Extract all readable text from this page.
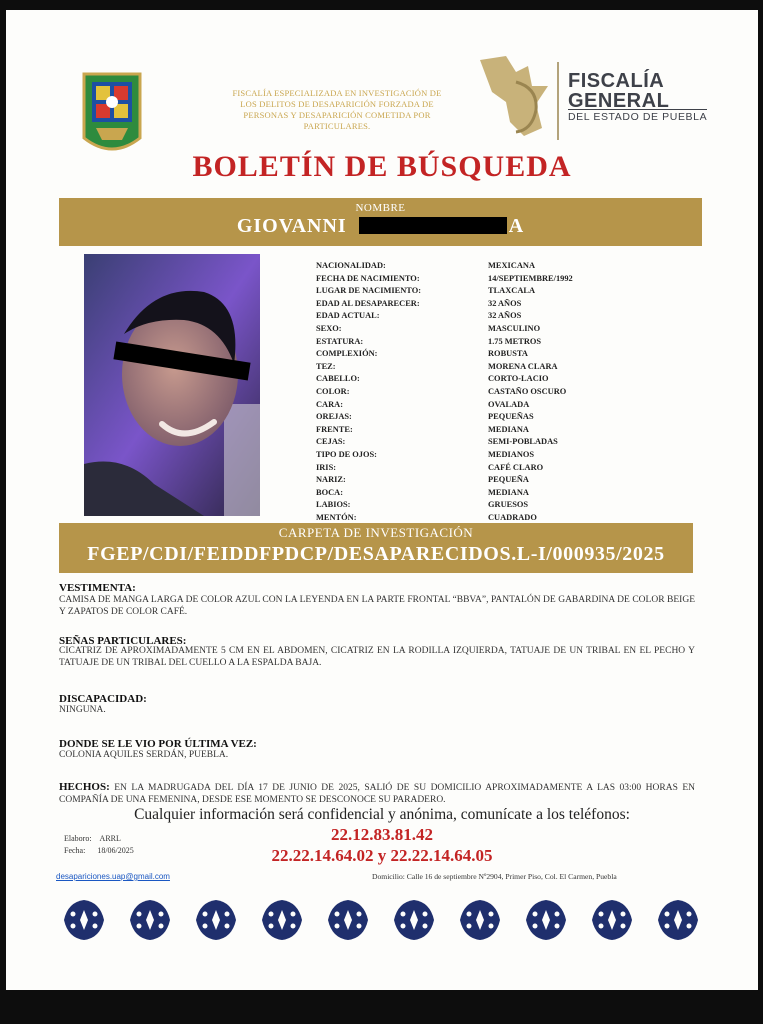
FISCALÍA ESPECIALIZADA EN INVESTIGACIÓN DE
LOS DELITOS DE DESAPARICIÓN FORZADA DE
PERSONAS Y DESAPARICIÓN COMETIDA POR
PARTICULARES.
FISCALÍA
GENERAL
DEL ESTADO DE PUEBLA
BOLETÍN DE BÚSQUEDA
NOMBRE
GIOVANNI	A
NACIONALIDAD:
FECHA DE NACIMIENTO:
LUGAR DE NACIMIENTO:
EDAD AL DESAPARECER:
EDAD ACTUAL:
SEXO:
ESTATURA:
COMPLEXIÓN:
TEZ:
CABELLO:
COLOR:
CARA:
OREJAS:
FRENTE:
CEJAS:
TIPO DE OJOS:
IRIS:
NARIZ:
BOCA:
LABIOS:
MENTÓN:
MEXICANA
14/SEPTIEMBRE/1992
TLAXCALA
32 AÑOS
32 AÑOS
MASCULINO
1.75 METROS
ROBUSTA
MORENA CLARA
CORTO-LACIO
CASTAÑO OSCURO
OVALADA
PEQUEÑAS
MEDIANA
SEMI-POBLADAS
MEDIANOS
CAFÉ CLARO
PEQUEÑA
MEDIANA
GRUESOS
CUADRADO
CARPETA DE INVESTIGACIÓN
FGEP/CDI/FEIDDFPDCP/DESAPARECIDOS.L-I/000935/2025
VESTIMENTA:
CAMISA DE MANGA LARGA DE COLOR AZUL CON LA LEYENDA EN LA PARTE FRONTAL “BBVA”, PANTALÓN DE GABARDINA DE COLOR BEIGE Y ZAPATOS DE COLOR CAFÉ.
SEÑAS PARTICULARES:
CICATRIZ DE APROXIMADAMENTE 5 CM EN EL ABDOMEN, CICATRIZ EN LA RODILLA IZQUIERDA, TATUAJE DE UN TRIBAL EN EL PECHO Y TATUAJE DE UN TRIBAL DEL CUELLO A LA ESPALDA BAJA.
DISCAPACIDAD:
NINGUNA.
DONDE SE LE VIO POR ÚLTIMA VEZ:
COLONIA AQUILES SERDÁN, PUEBLA.
HECHOS: EN LA MADRUGADA DEL DÍA 17 DE JUNIO DE 2025, SALIÓ DE SU DOMICILIO APROXIMADAMENTE A LAS 03:00 HORAS EN COMPAÑÍA DE UNA FEMENINA, DESDE ESE MOMENTO SE DESCONOCE SU PARADERO.
Cualquier información será confidencial y anónima, comunícate a los teléfonos:
22.12.83.81.42
22.22.14.64.02 y 22.22.14.64.05
Elaboro: ARRL
Fecha: 18/06/2025
desapariciones.uap@gmail.com	Domicilio: Calle 16 de septiembre Nº2904, Primer Piso, Col. El Carmen, Puebla
